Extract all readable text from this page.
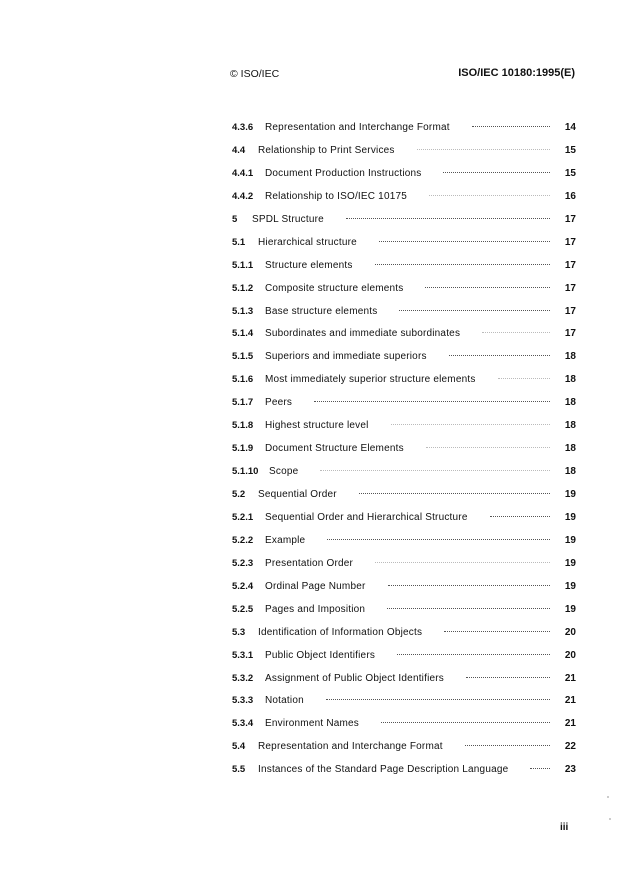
© ISO/IEC	ISO/IEC 10180:1995(E)
4.3.6	Representation and Interchange Format	14
4.4	Relationship to Print Services	15
4.4.1	Document Production Instructions	15
4.4.2	Relationship to ISO/IEC 10175	16
5	SPDL Structure	17
5.1	Hierarchical structure	17
5.1.1	Structure elements	17
5.1.2	Composite structure elements	17
5.1.3	Base structure elements	17
5.1.4	Subordinates and immediate subordinates	17
5.1.5	Superiors and immediate superiors	18
5.1.6	Most immediately superior structure elements	18
5.1.7	Peers	18
5.1.8	Highest structure level	18
5.1.9	Document Structure Elements	18
5.1.10	Scope	18
5.2	Sequential Order	19
5.2.1	Sequential Order and Hierarchical Structure	19
5.2.2	Example	19
5.2.3	Presentation Order	19
5.2.4	Ordinal Page Number	19
5.2.5	Pages and Imposition	19
5.3	Identification of Information Objects	20
5.3.1	Public Object Identifiers	20
5.3.2	Assignment of Public Object Identifiers	21
5.3.3	Notation	21
5.3.4	Environment Names	21
5.4	Representation and Interchange Format	22
5.5	Instances of the Standard Page Description Language	23
iii
